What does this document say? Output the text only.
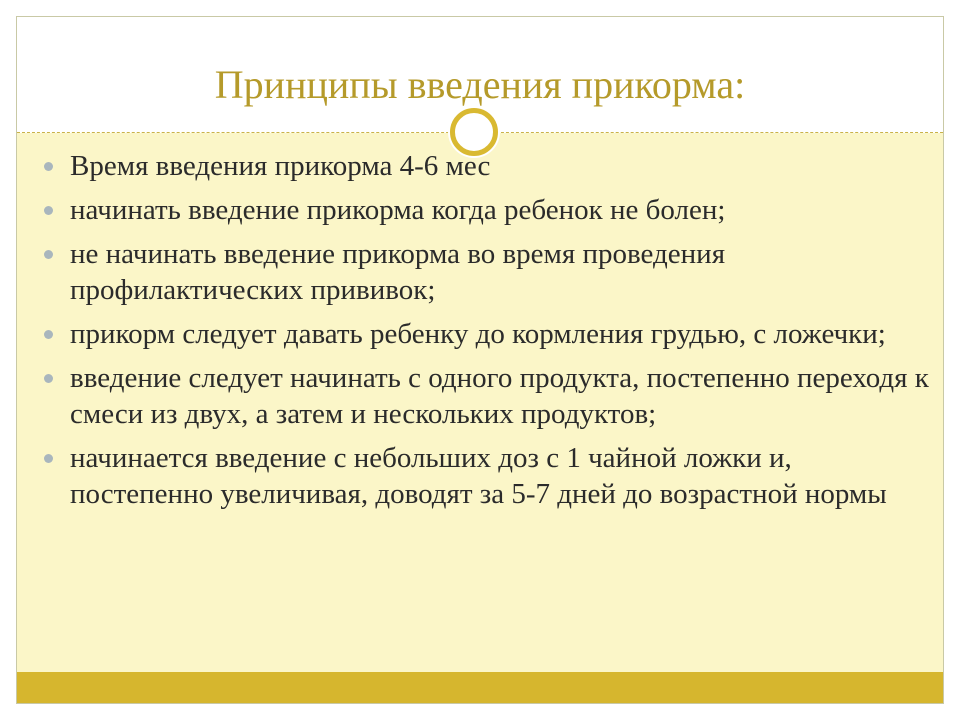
Принципы введения прикорма:
Время введения прикорма 4-6 мес
начинать введение прикорма когда ребенок не болен;
не начинать введение прикорма во время проведения профилактических прививок;
прикорм следует давать ребенку до кормления грудью, с ложечки;
введение следует начинать с одного продукта, постепенно переходя к смеси из двух, а затем и нескольких продуктов;
начинается введение с небольших доз с 1 чайной ложки и, постепенно увеличивая, доводят за 5-7 дней до возрастной нормы
